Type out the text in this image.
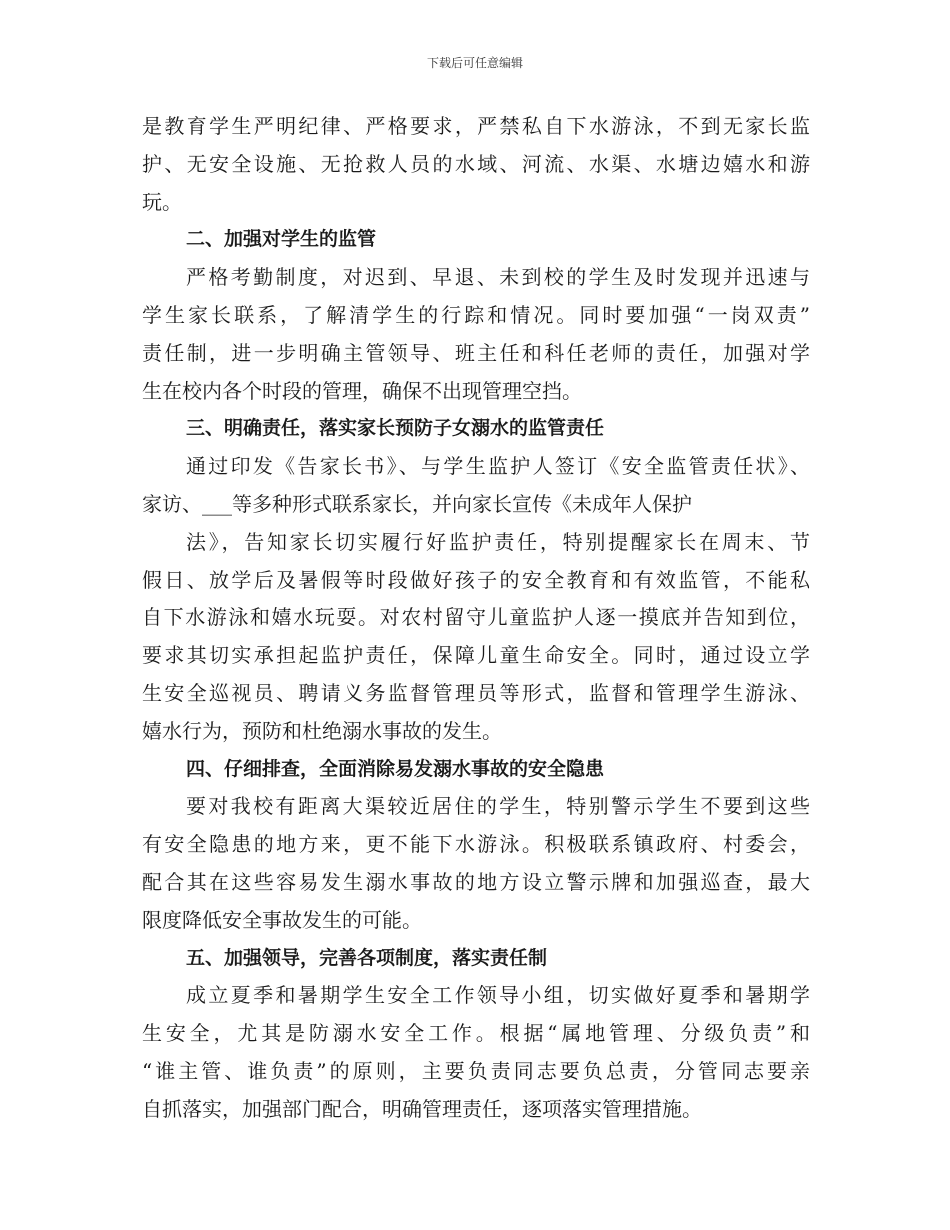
下载后可任意编辑
是教育学生严明纪律、严格要求，严禁私自下水游泳，不到无家长监
护、无安全设施、无抢救人员的水域、河流、水渠、水塘边嬉水和游
玩。
二、加强对学生的监管
严格考勤制度，对迟到、早退、未到校的学生及时发现并迅速与
学生家长联系，了解清学生的行踪和情况。同时要加强“一岗双责”
责任制，进一步明确主管领导、班主任和科任老师的责任，加强对学
生在校内各个时段的管理，确保不出现管理空挡。
三、明确责任，落实家长预防子女溺水的监管责任
通过印发《告家长书》、与学生监护人签订《安全监管责任状》、
家访、___等多种形式联系家长，并向家长宣传《未成年人保护
法》，告知家长切实履行好监护责任，特别提醒家长在周末、节
假日、放学后及暑假等时段做好孩子的安全教育和有效监管，不能私
自下水游泳和嬉水玩耍。对农村留守儿童监护人逐一摸底并告知到位，
要求其切实承担起监护责任，保障儿童生命安全。同时，通过设立学
生安全巡视员、聘请义务监督管理员等形式，监督和管理学生游泳、
嬉水行为，预防和杜绝溺水事故的发生。
四、仔细排查，全面消除易发溺水事故的安全隐患
要对我校有距离大渠较近居住的学生，特别警示学生不要到这些
有安全隐患的地方来，更不能下水游泳。积极联系镇政府、村委会，
配合其在这些容易发生溺水事故的地方设立警示牌和加强巡查，最大
限度降低安全事故发生的可能。
五、加强领导，完善各项制度，落实责任制
成立夏季和暑期学生安全工作领导小组，切实做好夏季和暑期学
生安全，尤其是防溺水安全工作。根据“属地管理、分级负责”和
“谁主管、谁负责”的原则，主要负责同志要负总责，分管同志要亲
自抓落实，加强部门配合，明确管理责任，逐项落实管理措施。
